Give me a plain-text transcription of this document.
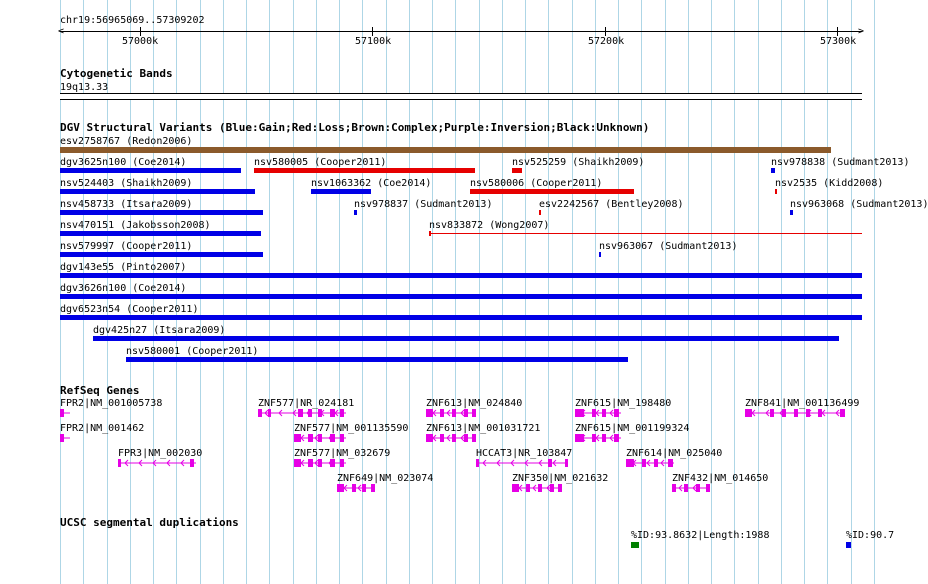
chr19:56965069..57309202
<	>
57000k	57100k	57200k	57300k
Cytogenetic Bands
19q13.33
DGV Structural Variants (Blue:Gain;Red:Loss;Brown:Complex;Purple:Inversion;Black:Unknown)
esv2758767 (Redon2006)
dgv3625n100 (Coe2014)	nsv580005 (Cooper2011)	nsv525259 (Shaikh2009)	nsv978838 (Sudmant2013)
nsv524403 (Shaikh2009)	nsv1063362 (Coe2014)	nsv580006 (Cooper2011)	nsv2535 (Kidd2008)
nsv458733 (Itsara2009)	nsv978837 (Sudmant2013)	esv2242567 (Bentley2008)	nsv963068 (Sudmant2013)
nsv470151 (Jakobsson2008)	nsv833872 (Wong2007)
nsv579997 (Cooper2011)	nsv963067 (Sudmant2013)
dgv143e55 (Pinto2007)
dgv3626n100 (Coe2014)
dgv6523n54 (Cooper2011)
dgv425n27 (Itsara2009)
nsv580001 (Cooper2011)
RefSeq Genes
FPR2|NM_001005738
FPR2|NM_001462
FPR3|NM_002030
ZNF577|NR_024181
ZNF577|NM_001135590
ZNF577|NM_032679
ZNF649|NM_023074
ZNF613|NM_024840
ZNF613|NM_001031721
HCCAT3|NR_103847
ZNF350|NM_021632
ZNF615|NM_198480
ZNF615|NM_001199324
ZNF614|NM_025040
ZNF432|NM_014650
ZNF841|NM_001136499
UCSC segmental duplications
%ID:93.8632|Length:1988	%ID:90.7
